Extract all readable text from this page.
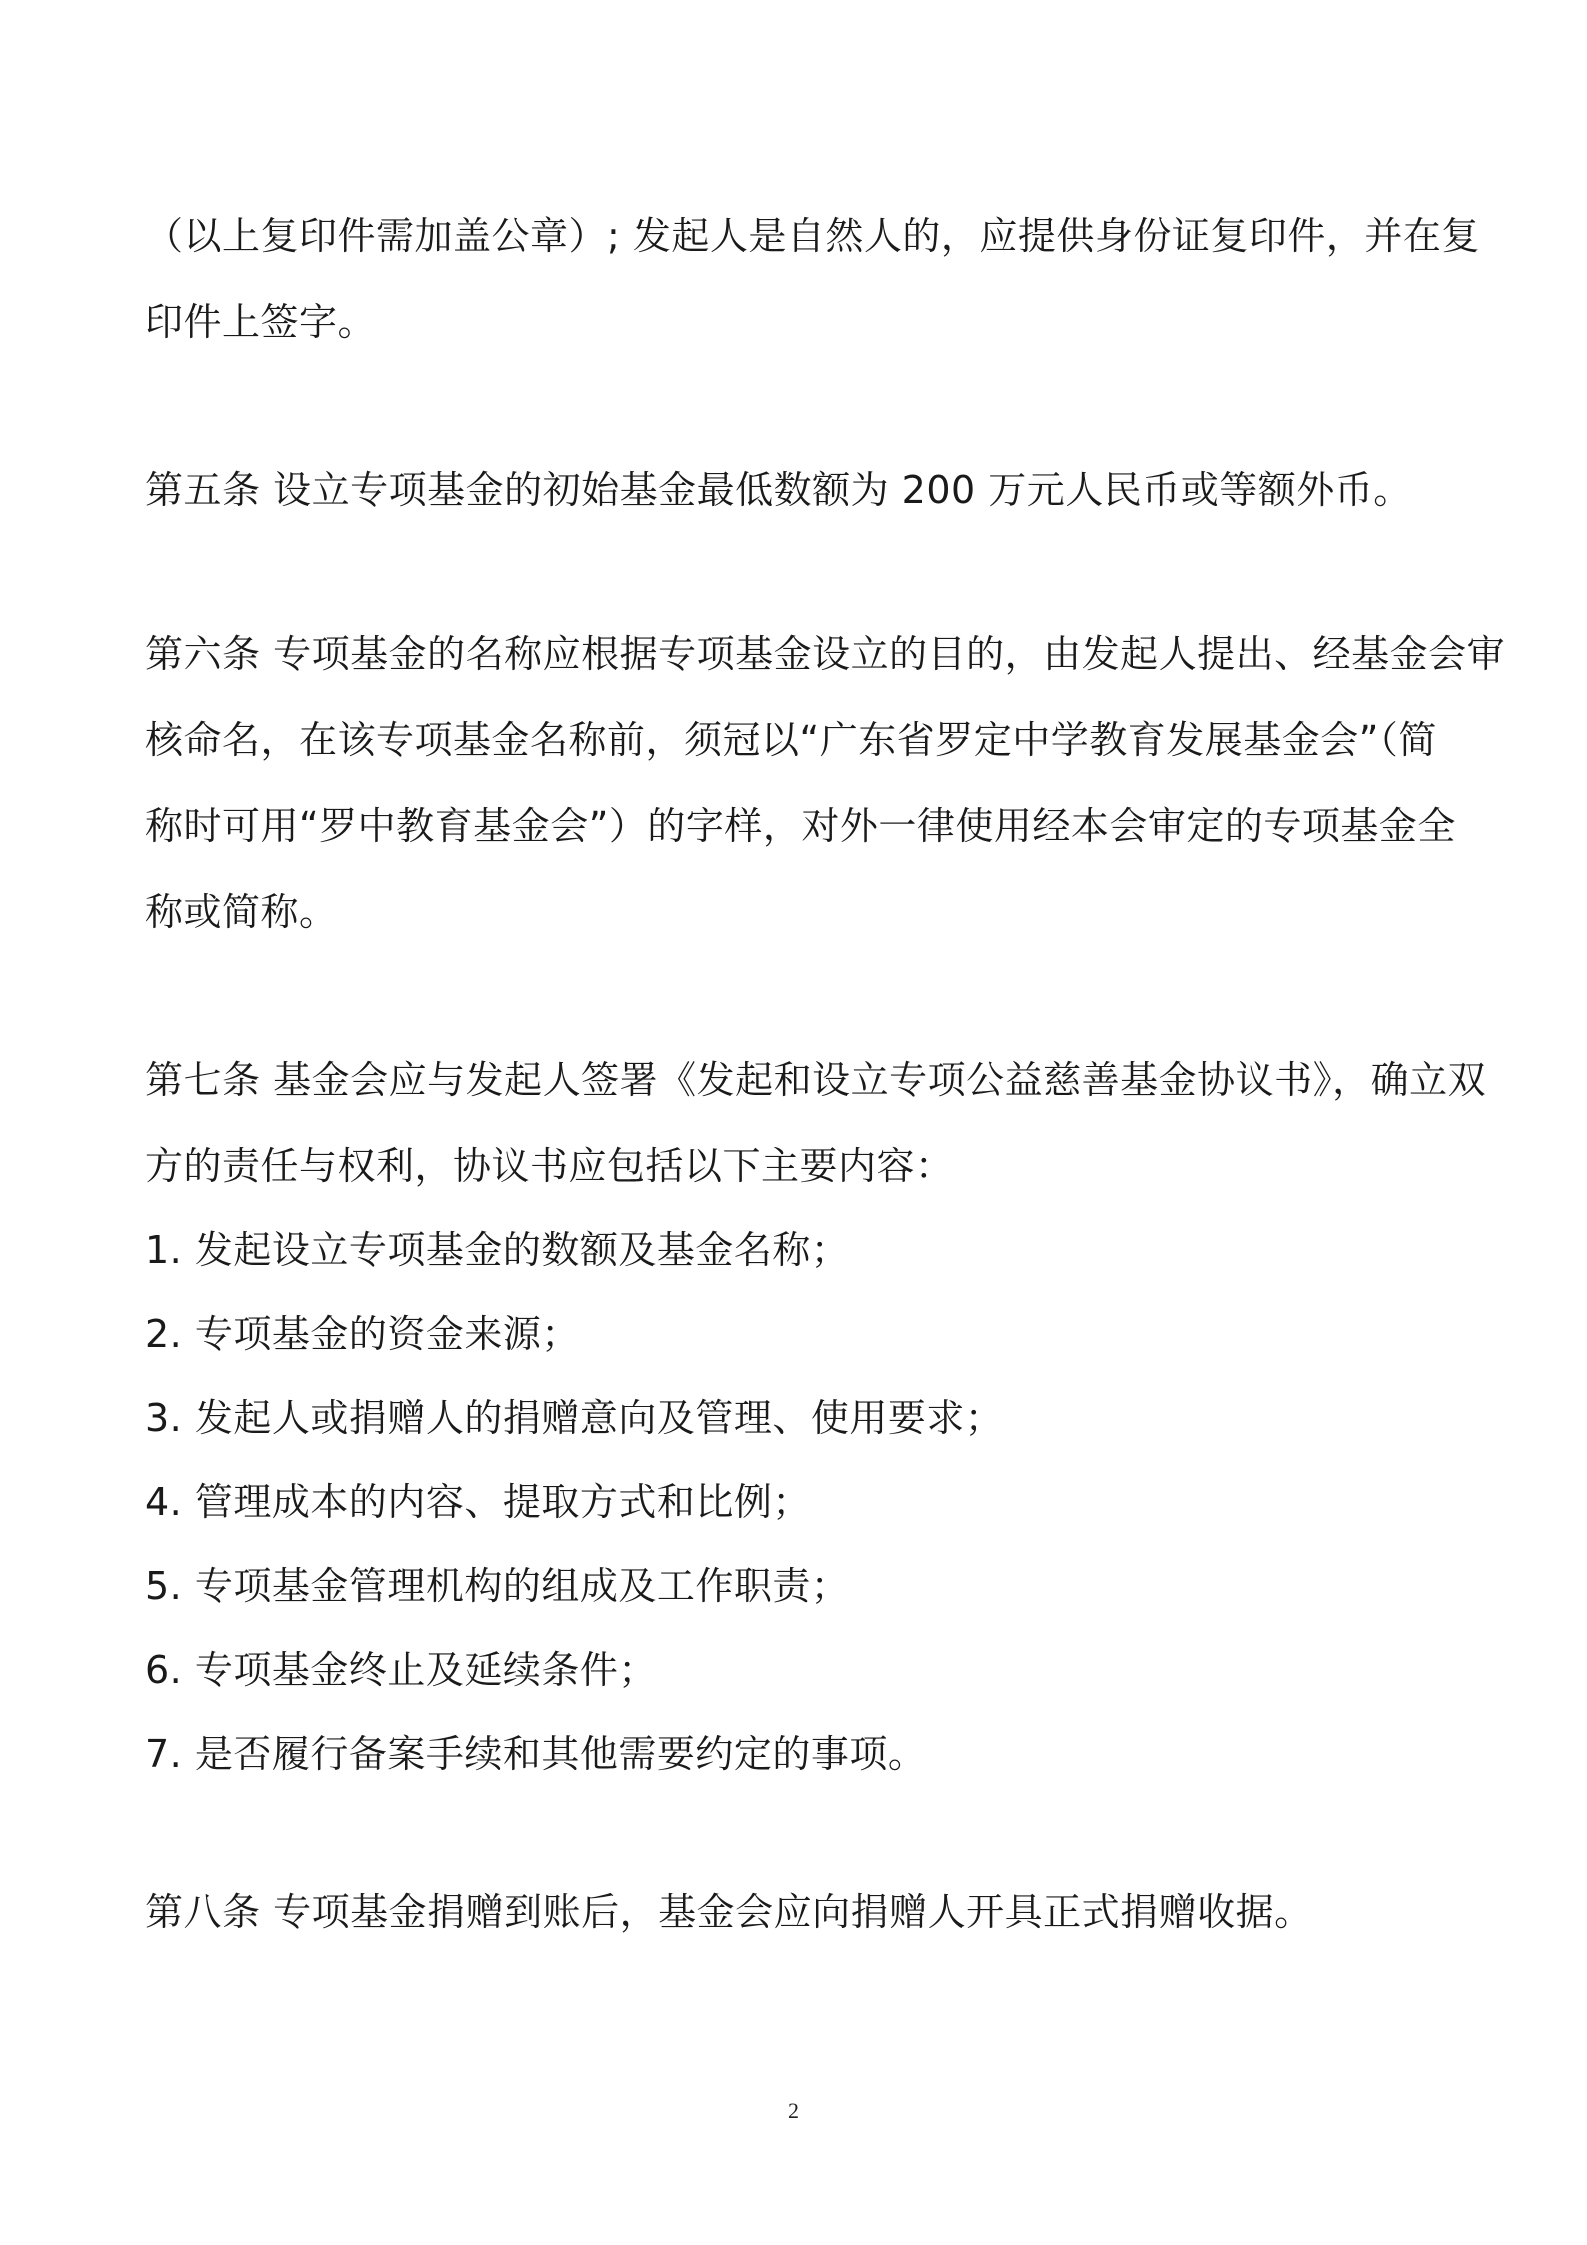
（以上复印件需加盖公章）; 发起人是自然人的，应提供身份证复印件，并在复

印件上签字。

第五条 设立专项基金的初始基金最低数额为 200 万元人民币或等额外币。

第六条 专项基金的名称应根据专项基金设立的目的，由发起人提出、经基金会审

核命名，在该专项基金名称前，须冠以“广东省罗定中学教育发展基金会”（简

称时可用“罗中教育基金会”）的字样，对外一律使用经本会审定的专项基金全

称或简称。

第七条 基金会应与发起人签署《发起和设立专项公益慈善基金协议书》，确立双

方的责任与权利，协议书应包括以下主要内容：

1. 发起设立专项基金的数额及基金名称；

2. 专项基金的资金来源；

3. 发起人或捐赠人的捐赠意向及管理、使用要求；

4. 管理成本的内容、提取方式和比例；

5. 专项基金管理机构的组成及工作职责；

6. 专项基金终止及延续条件；

7. 是否履行备案手续和其他需要约定的事项。

第八条 专项基金捐赠到账后，基金会应向捐赠人开具正式捐赠收据。

2
